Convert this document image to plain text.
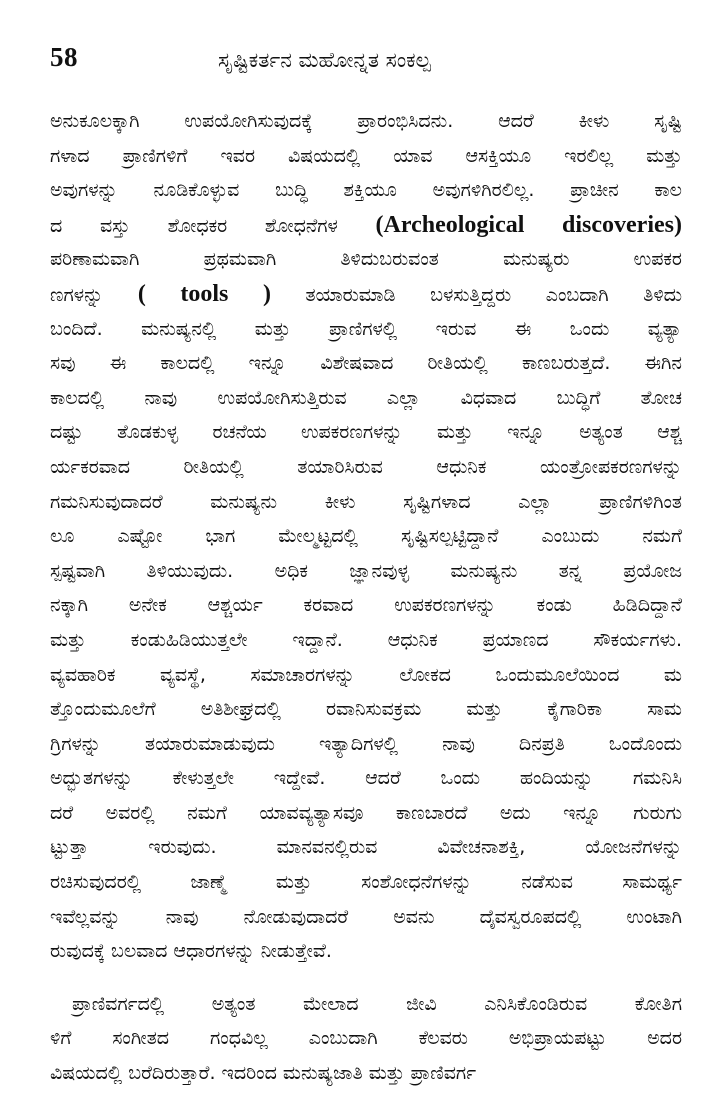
58	ಸೃಷ್ಟಿಕರ್ತನ ಮಹೋನ್ನತ ಸಂಕಲ್ಪ
ಅನುಕೂಲಕ್ಕಾಗಿ ಉಪಯೋಗಿಸುವುದಕ್ಕೆ ಪ್ರಾರಂಭಿಸಿದನು. ಆದರೆ ಕೀಳು ಸೃಷ್ಟಿ
ಗಳಾದ ಪ್ರಾಣಿಗಳಿಗೆ ಇವರ ವಿಷಯದಲ್ಲಿ ಯಾವ ಆಸಕ್ತಿಯೂ ಇರಲಿಲ್ಲ ಮತ್ತು
ಅವುಗಳನ್ನು ನೂಡಿಕೊಳ್ಳುವ ಬುದ್ಧಿ ಶಕ್ತಿಯೂ ಅವುಗಳಿಗಿರಲಿಲ್ಲ. ಪ್ರಾಚೀನ ಕಾಲ
ದ ವಸ್ತು ಶೋಧಕರ ಶೋಧನೆಗಳ (Archeological discoveries)
ಪರಿಣಾಮವಾಗಿ ಪ್ರಥಮವಾಗಿ ತಿಳಿದುಬರುವಂತ ಮನುಷ್ಯರು ಉಪಕರ
ಣಗಳನ್ನು ( tools ) ತಯಾರುಮಾಡಿ ಬಳಸುತ್ತಿದ್ದರು ಎಂಬದಾಗಿ ತಿಳಿದು
ಬಂದಿದೆ. ಮನುಷ್ಯನಲ್ಲಿ ಮತ್ತು ಪ್ರಾಣಿಗಳಲ್ಲಿ ಇರುವ ಈ ಒಂದು ವ್ಯತ್ಯಾ
ಸವು ಈ ಕಾಲದಲ್ಲಿ ಇನ್ನೂ ವಿಶೇಷವಾದ ರೀತಿಯಲ್ಲಿ ಕಾಣಬರುತ್ತದೆ. ಈಗಿನ
ಕಾಲದಲ್ಲಿ ನಾವು ಉಪಯೋಗಿಸುತ್ತಿರುವ ಎಲ್ಲಾ ವಿಧವಾದ ಬುದ್ಧಿಗೆ ತೋಚ
ದಷ್ಟು ತೊಡಕುಳ್ಳ ರಚನೆಯ ಉಪಕರಣಗಳನ್ನು ಮತ್ತು ಇನ್ನೂ ಅತ್ಯಂತ ಆಶ್ಚ
ರ್ಯಕರವಾದ ರೀತಿಯಲ್ಲಿ ತಯಾರಿಸಿರುವ ಆಧುನಿಕ ಯಂತ್ರೋಪಕರಣಗಳನ್ನು
ಗಮನಿಸುವುದಾದರೆ ಮನುಷ್ಯನು ಕೀಳು ಸೃಷ್ಟಿಗಳಾದ ಎಲ್ಲಾ ಪ್ರಾಣಿಗಳಿಗಿಂತ
ಲೂ ಎಷ್ಟೋ ಭಾಗ ಮೇಲ್ಮಟ್ಟದಲ್ಲಿ ಸೃಷ್ಟಿಸಲ್ಪಟ್ಟಿದ್ದಾನೆ ಎಂಬುದು ನಮಗೆ
ಸ್ಪಷ್ಟವಾಗಿ ತಿಳಿಯುವುದು. ಅಧಿಕ ಜ್ಞಾನವುಳ್ಳ ಮನುಷ್ಯನು ತನ್ನ ಪ್ರಯೋಜ
ನಕ್ಕಾಗಿ ಅನೇಕ ಆಶ್ಚರ್ಯ ಕರವಾದ ಉಪಕರಣಗಳನ್ನು ಕಂಡು ಹಿಡಿದಿದ್ದಾನೆ
ಮತ್ತು ಕಂಡುಹಿಡಿಯುತ್ತಲೇ ಇದ್ದಾನೆ. ಆಧುನಿಕ ಪ್ರಯಾಣದ ಸೌಕರ್ಯಗಳು.
ವ್ಯವಹಾರಿಕ ವ್ಯವಸ್ಥೆ, ಸಮಾಚಾರಗಳನ್ನು ಲೋಕದ ಒಂದುಮೂಲೆಯಿಂದ ಮ
ತ್ತೊಂದುಮೂಲೆಗೆ ಅತಿಶೀಘ್ರದಲ್ಲಿ ರವಾನಿಸುವಕ್ರಮ ಮತ್ತು ಕೈಗಾರಿಕಾ ಸಾಮ
ಗ್ರಿಗಳನ್ನು ತಯಾರುಮಾಡುವುದು ಇತ್ಯಾದಿಗಳಲ್ಲಿ ನಾವು ದಿನಪ್ರತಿ ಒಂದೊಂದು
ಅದ್ಭುತಗಳನ್ನು ಕೇಳುತ್ತಲೇ ಇದ್ದೇವೆ. ಆದರೆ ಒಂದು ಹಂದಿಯನ್ನು ಗಮನಿಸಿ
ದರೆ ಅವರಲ್ಲಿ ನಮಗೆ ಯಾವವ್ಯತ್ಯಾಸವೂ ಕಾಣಬಾರದೆ ಅದು ಇನ್ನೂ ಗುರುಗು
ಟ್ಟುತ್ತಾ ಇರುವುದು. ಮಾನವನಲ್ಲಿರುವ ವಿವೇಚನಾಶಕ್ತಿ, ಯೋಜನೆಗಳನ್ನು
ರಚಿಸುವುದರಲ್ಲಿ ಜಾಣ್ಮೆ ಮತ್ತು ಸಂಶೋಧನೆಗಳನ್ನು ನಡೆಸುವ ಸಾಮರ್ಥ್ಯ
ಇವೆಲ್ಲವನ್ನು ನಾವು ನೋಡುವುದಾದರೆ ಅವನು ದೈವಸ್ವರೂಪದಲ್ಲಿ ಉಂಟಾಗಿ
ರುವುದಕ್ಕೆ ಬಲವಾದ ಆಧಾರಗಳನ್ನು ನೀಡುತ್ತೇವೆ.
ಪ್ರಾಣಿವರ್ಗದಲ್ಲಿ ಅತ್ಯಂತ ಮೇಲಾದ ಜೀವಿ ಎನಿಸಿಕೊಂಡಿರುವ ಕೋತಿಗ
ಳಿಗೆ ಸಂಗೀತದ ಗಂಧವಿಲ್ಲ ಎಂಬುದಾಗಿ ಕೆಲವರು ಅಭಿಪ್ರಾಯಪಟ್ಟು ಅದರ
ವಿಷಯದಲ್ಲಿ ಬರೆದಿರುತ್ತಾರೆ. ಇದರಿಂದ ಮನುಷ್ಯಜಾತಿ ಮತ್ತು ಪ್ರಾಣಿವರ್ಗ
